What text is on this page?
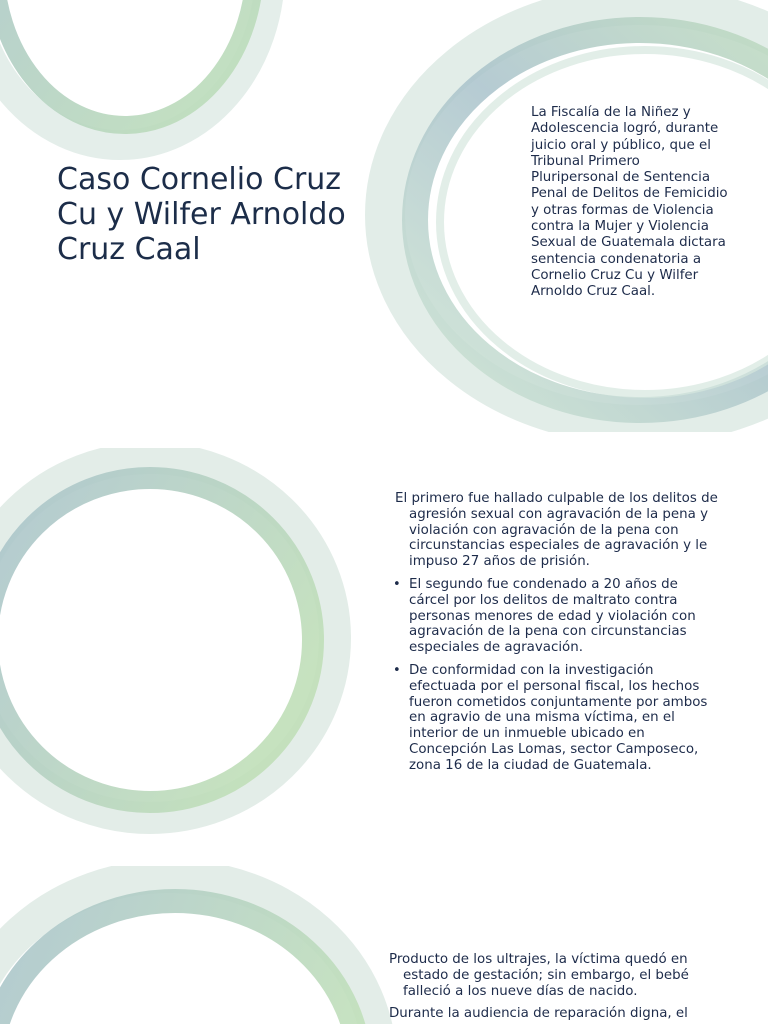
Caso Cornelio Cruz Cu y Wilfer Arnoldo Cruz Caal

La Fiscalía de la Niñez y Adolescencia logró, durante juicio oral y público, que el Tribunal Primero Pluripersonal de Sentencia Penal de Delitos de Femicidio y otras formas de Violencia contra la Mujer y Violencia Sexual de Guatemala dictara sentencia condenatoria a Cornelio Cruz Cu y Wilfer Arnoldo Cruz Caal.

El primero fue hallado culpable de los delitos de agresión sexual con agravación de la pena y violación con agravación de la pena con circunstancias especiales de agravación y le impuso 27 años de prisión.
• El segundo fue condenado a 20 años de cárcel por los delitos de maltrato contra personas menores de edad y violación con agravación de la pena con circunstancias especiales de agravación.
• De conformidad con la investigación efectuada por el personal fiscal, los hechos fueron cometidos conjuntamente por ambos en agravio de una misma víctima, en el interior de un inmueble ubicado en Concepción Las Lomas, sector Camposeco, zona 16 de la ciudad de Guatemala.

Producto de los ultrajes, la víctima quedó en estado de gestación; sin embargo, el bebé falleció a los nueve días de nacido.

Durante la audiencia de reparación digna, el
